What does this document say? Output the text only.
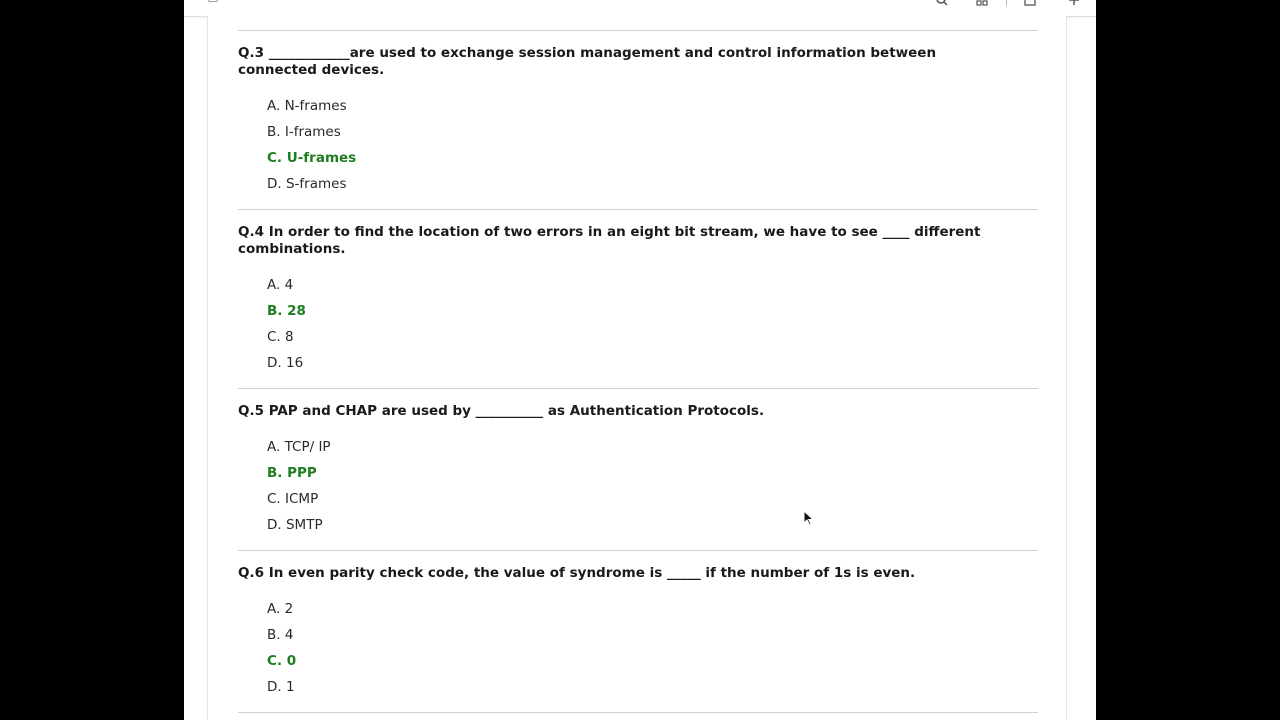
Q.3 ____________are used to exchange session management and control information between connected devices.

A. N-frames
B. I-frames
C. U-frames
D. S-frames

Q.4 In order to find the location of two errors in an eight bit stream, we have to see ____ different combinations.

A. 4
B. 28
C. 8
D. 16

Q.5 PAP and CHAP are used by __________ as Authentication Protocols.

A. TCP/ IP
B. PPP
C. ICMP
D. SMTP

Q.6 In even parity check code, the value of syndrome is _____ if the number of 1s is even.

A. 2
B. 4
C. 0
D. 1
